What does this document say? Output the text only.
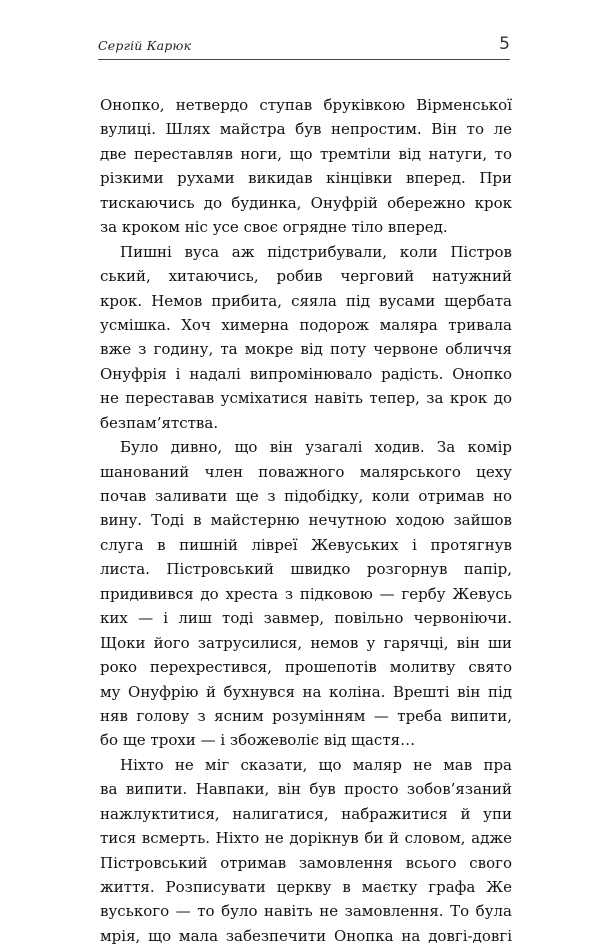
Сергій Карюк	5
Онопко, нетвердо ступав бруківкою Вірменської
вулиці. Шлях майстра був непростим. Він то ле
две переставляв ноги, що тремтіли від натуги, то
різкими рухами викидав кінцівки вперед. При
тискаючись до будинка, Онуфрій обережно крок
за кроком ніс усе своє огрядне тіло вперед.
Пишні вуса аж підстрибували, коли Пістров
ський, хитаючись, робив черговий натужний
крок. Немов прибита, сяяла під вусами щербата
усмішка. Хоч химерна подорож маляра тривала
вже з годину, та мокре від поту червоне обличчя
Онуфрія і надалі випромінювало радість. Онопко
не переставав усміхатися навіть тепер, за крок до
безпам’ятства.
Було дивно, що він узагалі ходив. За комір
шанований член поважного малярського цеху
почав заливати ще з підобідку, коли отримав но
вину. Тоді в майстерню нечутною ходою зайшов
слуга в пишній лівреї Жевуських і протягнув
листа. Пістровський швидко розгорнув папір,
придивився до хреста з підковою — гербу Жевусь
ких — і лиш тоді завмер, повільно червоніючи.
Щоки його затрусилися, немов у гарячці, він ши
роко перехрестився, прошепотів молитву свято
му Онуфрію й бухнувся на коліна. Врешті він під
няв голову з ясним розумінням — треба випити,
бо ще трохи — і збожеволіє від щастя…
Ніхто не міг сказати, що маляр не мав пра
ва випити. Навпаки, він був просто зобов’язаний
нажлуктитися, налигатися, набражитися й упи
тися всмерть. Ніхто не дорікнув би й словом, адже
Пістровський отримав замовлення всього свого
життя. Розписувати церкву в маєтку графа Же
вуського — то було навіть не замовлення. То була
мрія, що мала забезпечити Онопка на довгі-довгі
